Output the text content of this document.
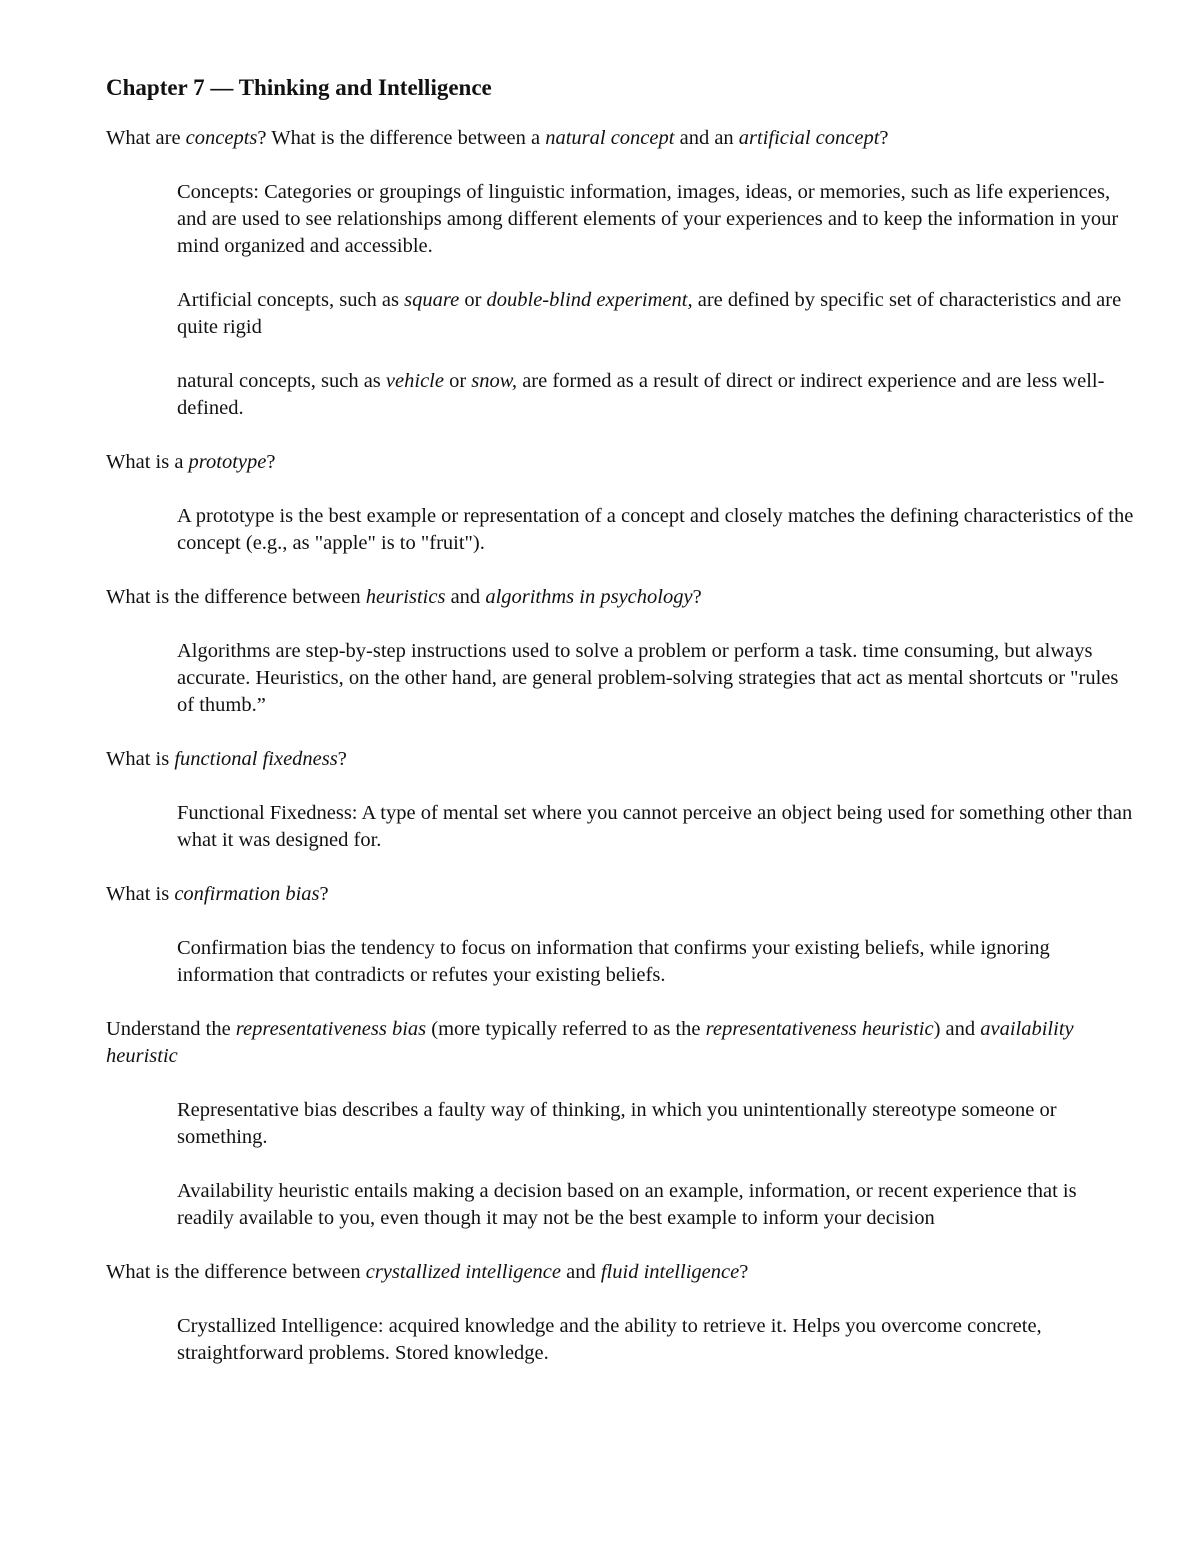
Chapter 7 — Thinking and Intelligence

What are concepts? What is the difference between a natural concept and an artificial concept?

Concepts: Categories or groupings of linguistic information, images, ideas, or memories, such as life experiences, and are used to see relationships among different elements of your experiences and to keep the information in your mind organized and accessible.

Artificial concepts, such as square or double-blind experiment, are defined by specific set of characteristics and are quite rigid

natural concepts, such as vehicle or snow, are formed as a result of direct or indirect experience and are less well-defined.

What is a prototype?

A prototype is the best example or representation of a concept and closely matches the defining characteristics of the concept (e.g., as "apple" is to "fruit").

What is the difference between heuristics and algorithms in psychology?

Algorithms are step-by-step instructions used to solve a problem or perform a task. time consuming, but always accurate. Heuristics, on the other hand, are general problem-solving strategies that act as mental shortcuts or "rules of thumb.”

What is functional fixedness?

Functional Fixedness: A type of mental set where you cannot perceive an object being used for something other than what it was designed for.

What is confirmation bias?

Confirmation bias the tendency to focus on information that confirms your existing beliefs, while ignoring information that contradicts or refutes your existing beliefs.

Understand the representativeness bias (more typically referred to as the representativeness heuristic) and availability heuristic

Representative bias describes a faulty way of thinking, in which you unintentionally stereotype someone or something.

Availability heuristic entails making a decision based on an example, information, or recent experience that is readily available to you, even though it may not be the best example to inform your decision

What is the difference between crystallized intelligence and fluid intelligence?

Crystallized Intelligence: acquired knowledge and the ability to retrieve it. Helps you overcome concrete, straightforward problems. Stored knowledge.
